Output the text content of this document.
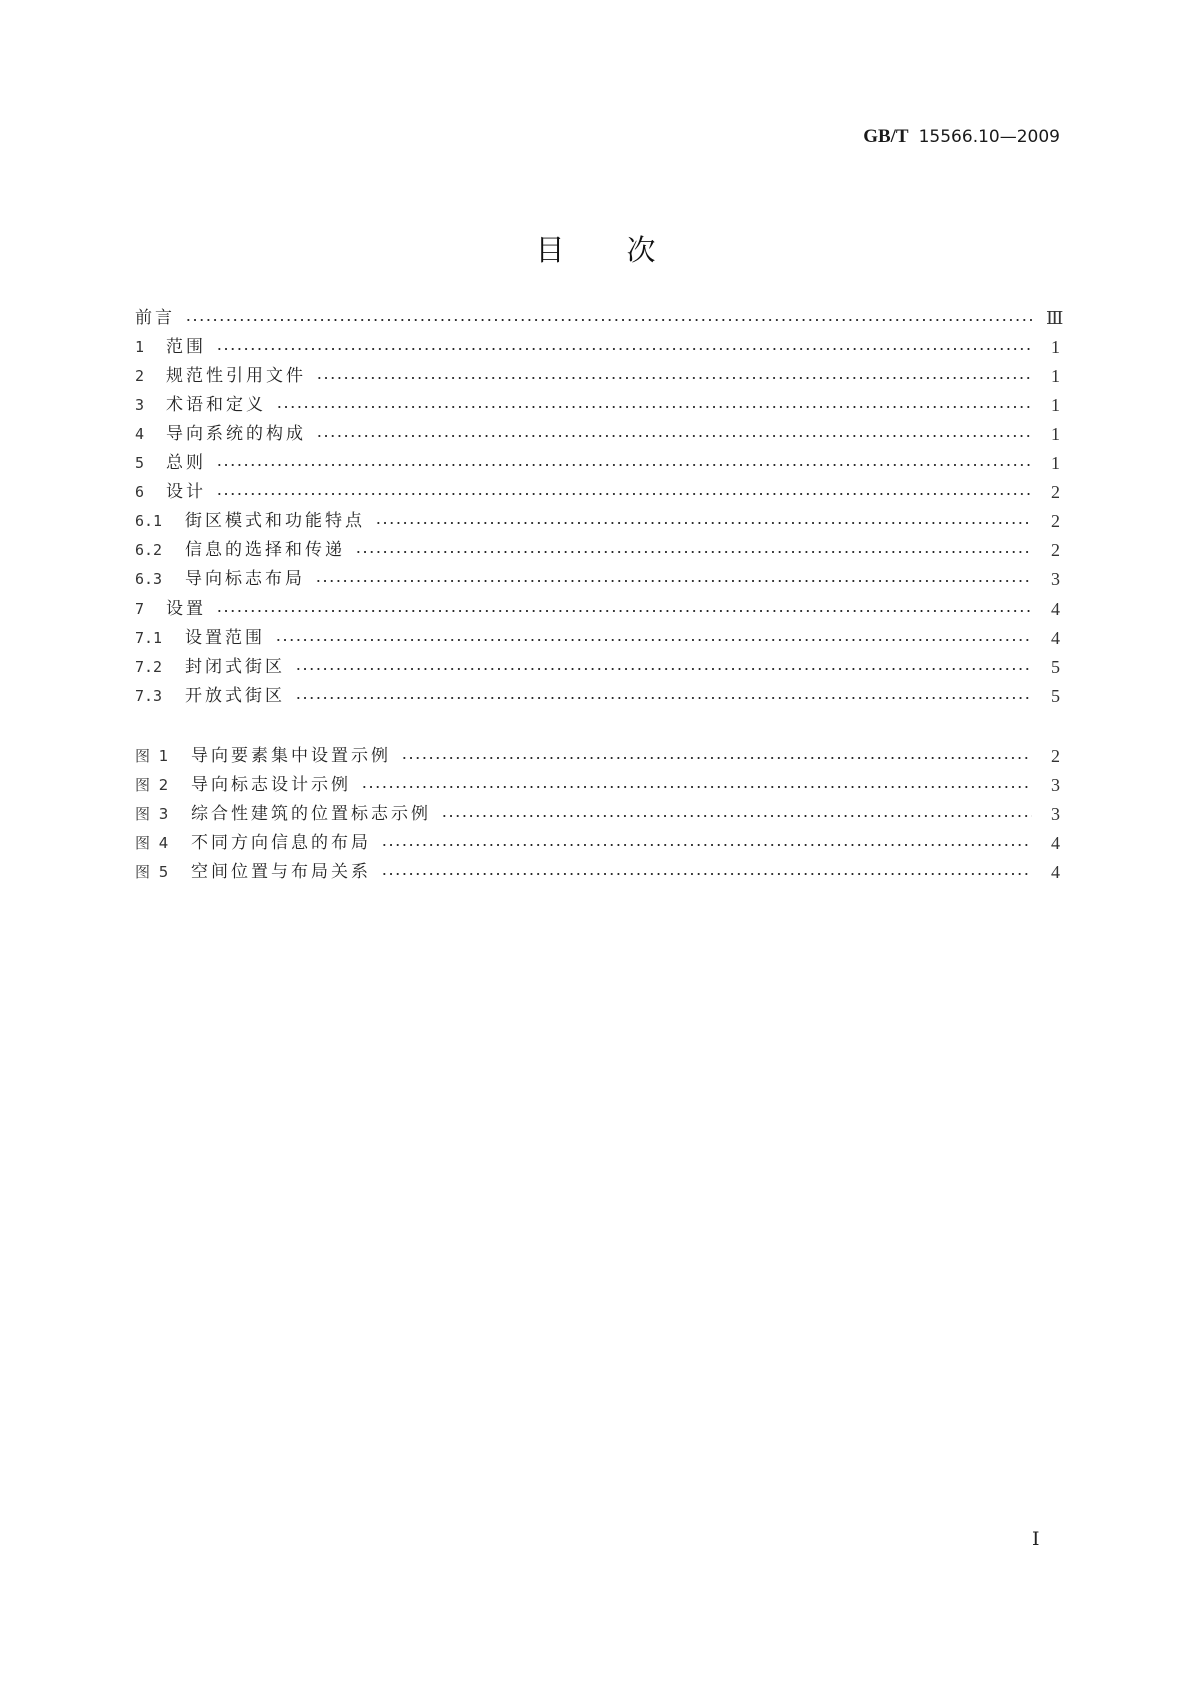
GB/T 15566.10—2009
目次
前言	Ⅲ
1	范围	1
2	规范性引用文件	1
3	术语和定义	1
4	导向系统的构成	1
5	总则	1
6	设计	2
6.1	街区模式和功能特点	2
6.2	信息的选择和传递	2
6.3	导向标志布局	3
7	设置	4
7.1	设置范围	4
7.2	封闭式街区	5
7.3	开放式街区	5
图 1	导向要素集中设置示例	2
图 2	导向标志设计示例	3
图 3	综合性建筑的位置标志示例	3
图 4	不同方向信息的布局	4
图 5	空间位置与布局关系	4
Ⅰ
